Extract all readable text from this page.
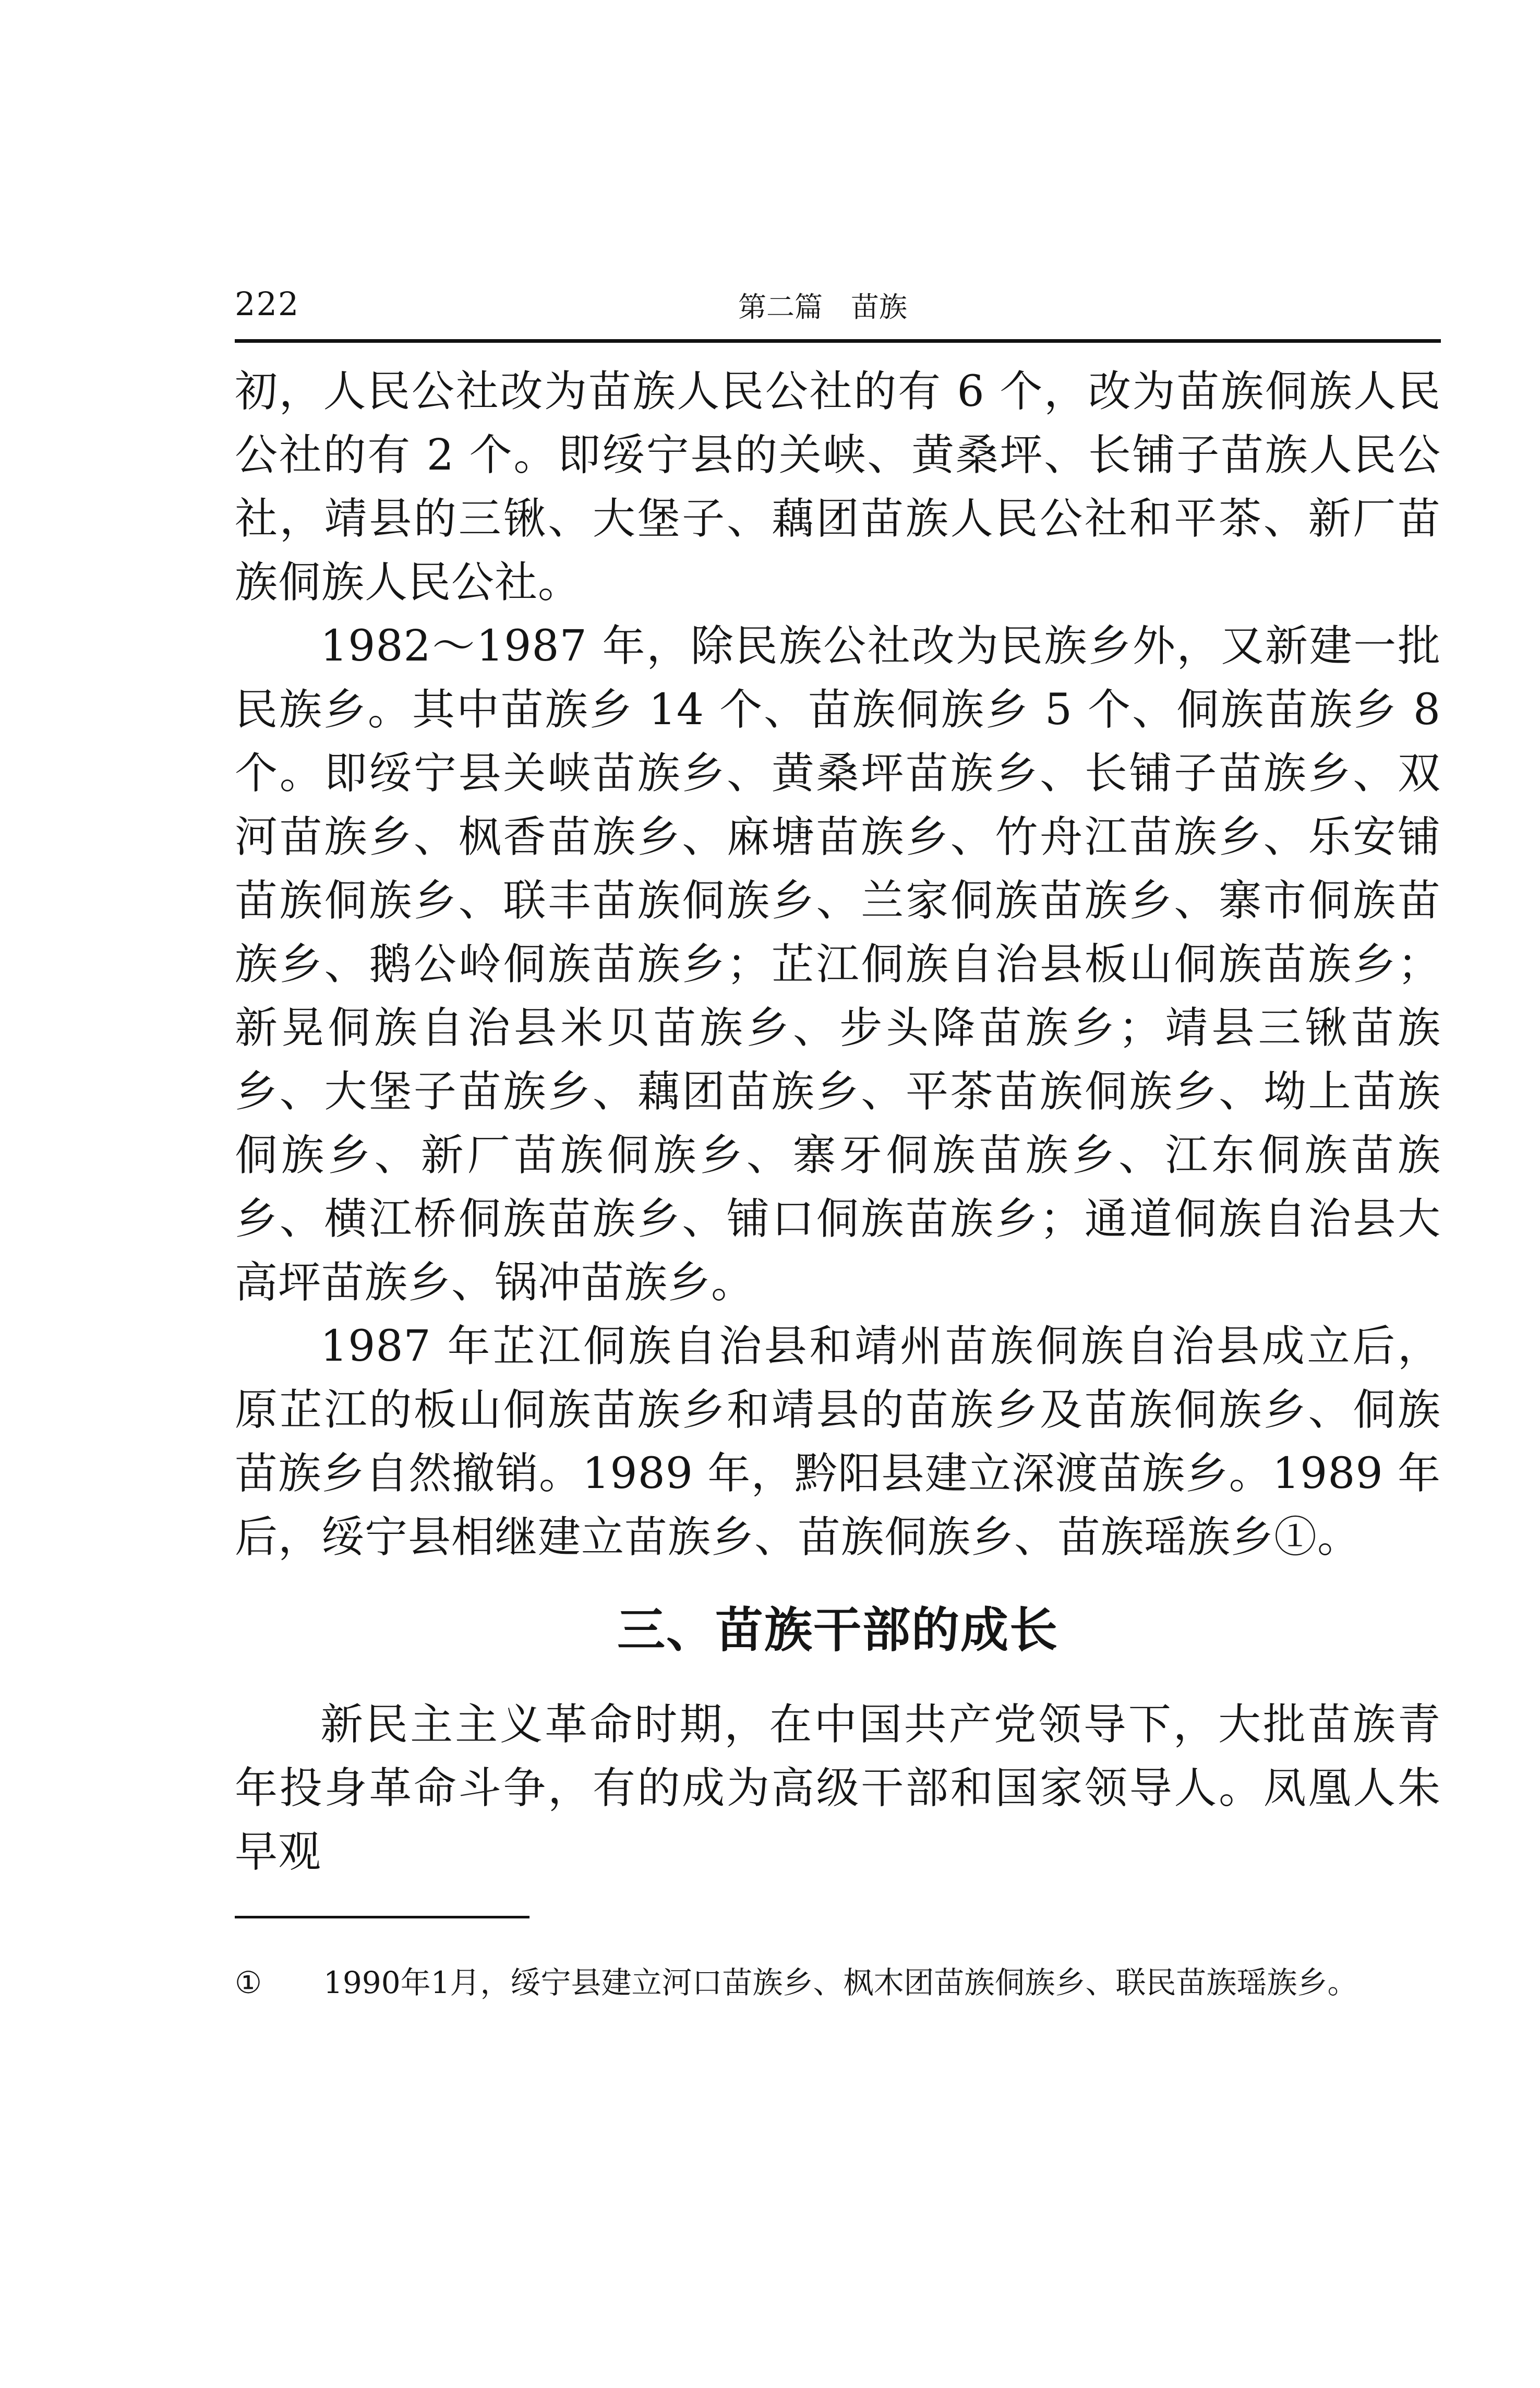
222	第二篇　苗族

初，人民公社改为苗族人民公社的有 6 个，改为苗族侗族人民公社的有 2 个。即绥宁县的关峡、黄桑坪、长铺子苗族人民公社，靖县的三锹、大堡子、藕团苗族人民公社和平茶、新厂苗族侗族人民公社。

1982～1987 年，除民族公社改为民族乡外，又新建一批民族乡。其中苗族乡 14 个、苗族侗族乡 5 个、侗族苗族乡 8 个。即绥宁县关峡苗族乡、黄桑坪苗族乡、长铺子苗族乡、双河苗族乡、枫香苗族乡、麻塘苗族乡、竹舟江苗族乡、乐安铺苗族侗族乡、联丰苗族侗族乡、兰家侗族苗族乡、寨市侗族苗族乡、鹅公岭侗族苗族乡；芷江侗族自治县板山侗族苗族乡；新晃侗族自治县米贝苗族乡、步头降苗族乡；靖县三锹苗族乡、大堡子苗族乡、藕团苗族乡、平茶苗族侗族乡、坳上苗族侗族乡、新厂苗族侗族乡、寨牙侗族苗族乡、江东侗族苗族乡、横江桥侗族苗族乡、铺口侗族苗族乡；通道侗族自治县大高坪苗族乡、锅冲苗族乡。

1987 年芷江侗族自治县和靖州苗族侗族自治县成立后，原芷江的板山侗族苗族乡和靖县的苗族乡及苗族侗族乡、侗族苗族乡自然撤销。1989 年，黔阳县建立深渡苗族乡。1989 年后，绥宁县相继建立苗族乡、苗族侗族乡、苗族瑶族乡①。

三、苗族干部的成长

新民主主义革命时期，在中国共产党领导下，大批苗族青年投身革命斗争，有的成为高级干部和国家领导人。凤凰人朱早观

① 1990年1月，绥宁县建立河口苗族乡、枫木团苗族侗族乡、联民苗族瑶族乡。
